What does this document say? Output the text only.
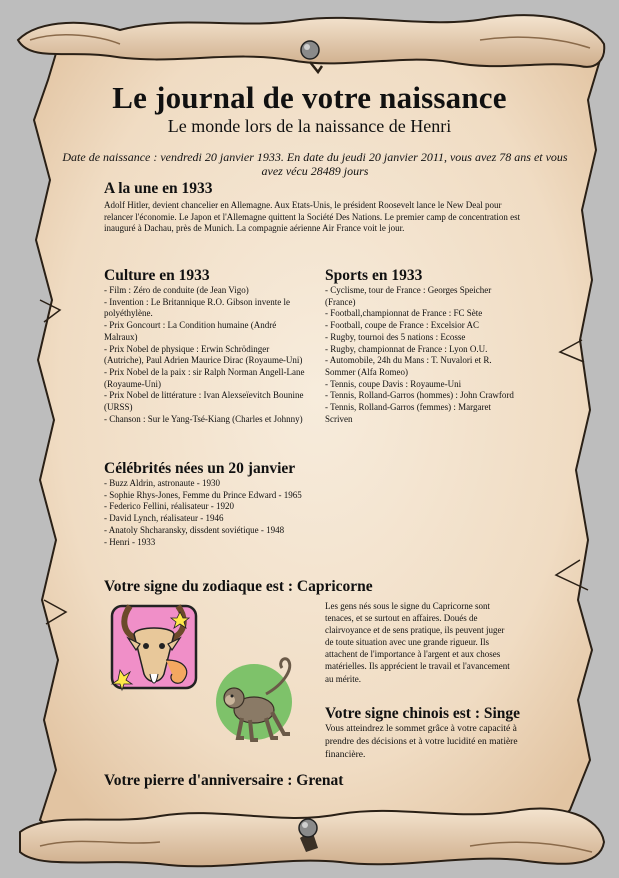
Le journal de votre naissance
Le monde lors de la naissance de Henri
Date de naissance : vendredi 20 janvier 1933. En date du jeudi 20 janvier 2011, vous avez 78 ans et vous avez vécu 28489 jours
A la une en 1933
Adolf Hitler, devient chancelier en Allemagne. Aux Etats-Unis, le président Roosevelt lance le New Deal pour relancer l'économie. Le Japon et l'Allemagne quittent la Société Des Nations. Le premier camp de concentration est inauguré à Dachau, près de Munich. La compagnie aérienne Air France voit le jour.
Culture en 1933
- Film : Zéro de conduite (de Jean Vigo)
- Invention : Le Britannique R.O. Gibson invente le polyéthylène.
- Prix Goncourt : La Condition humaine (André Malraux)
- Prix Nobel de physique : Erwin Schrödinger (Autriche), Paul Adrien Maurice Dirac (Royaume-Uni)
- Prix Nobel de la paix : sir Ralph Norman Angell-Lane (Royaume-Uni)
- Prix Nobel de littérature : Ivan Alexseïevitch Bounine (URSS)
- Chanson : Sur le Yang-Tsé-Kiang (Charles et Johnny)
Sports en 1933
- Cyclisme, tour de France : Georges Speicher (France)
- Football,championnat de France : FC Sète
- Football, coupe de France : Excelsior AC
- Rugby, tournoi des 5 nations : Ecosse
- Rugby, championnat de France : Lyon O.U.
- Automobile, 24h du Mans : T. Nuvalori et R. Sommer (Alfa Romeo)
- Tennis, coupe Davis : Royaume-Uni
- Tennis, Rolland-Garros (hommes) : John Crawford
- Tennis, Rolland-Garros (femmes) : Margaret Scriven
Célébrités nées un 20 janvier
- Buzz Aldrin, astronaute - 1930
- Sophie Rhys-Jones, Femme du Prince Edward - 1965
- Federico Fellini, réalisateur - 1920
- David Lynch, réalisateur - 1946
- Anatoly Shcharansky, dissdent soviétique - 1948
- Henri - 1933
Votre signe du zodiaque est : Capricorne
Les gens nés sous le signe du Capricorne sont tenaces, et se surtout en affaires. Doués de clairvoyance et de sens pratique, ils peuvent juger de toute situation avec une grande rigueur. Ils attachent de l'importance à l'argent et aux choses matérielles. Ils apprécient le travail et l'avancement au mérite.
Votre signe chinois est : Singe
Vous atteindrez le sommet grâce à votre capacité à prendre des décisions et à votre lucidité en matière financière.
Votre pierre d'anniversaire : Grenat
